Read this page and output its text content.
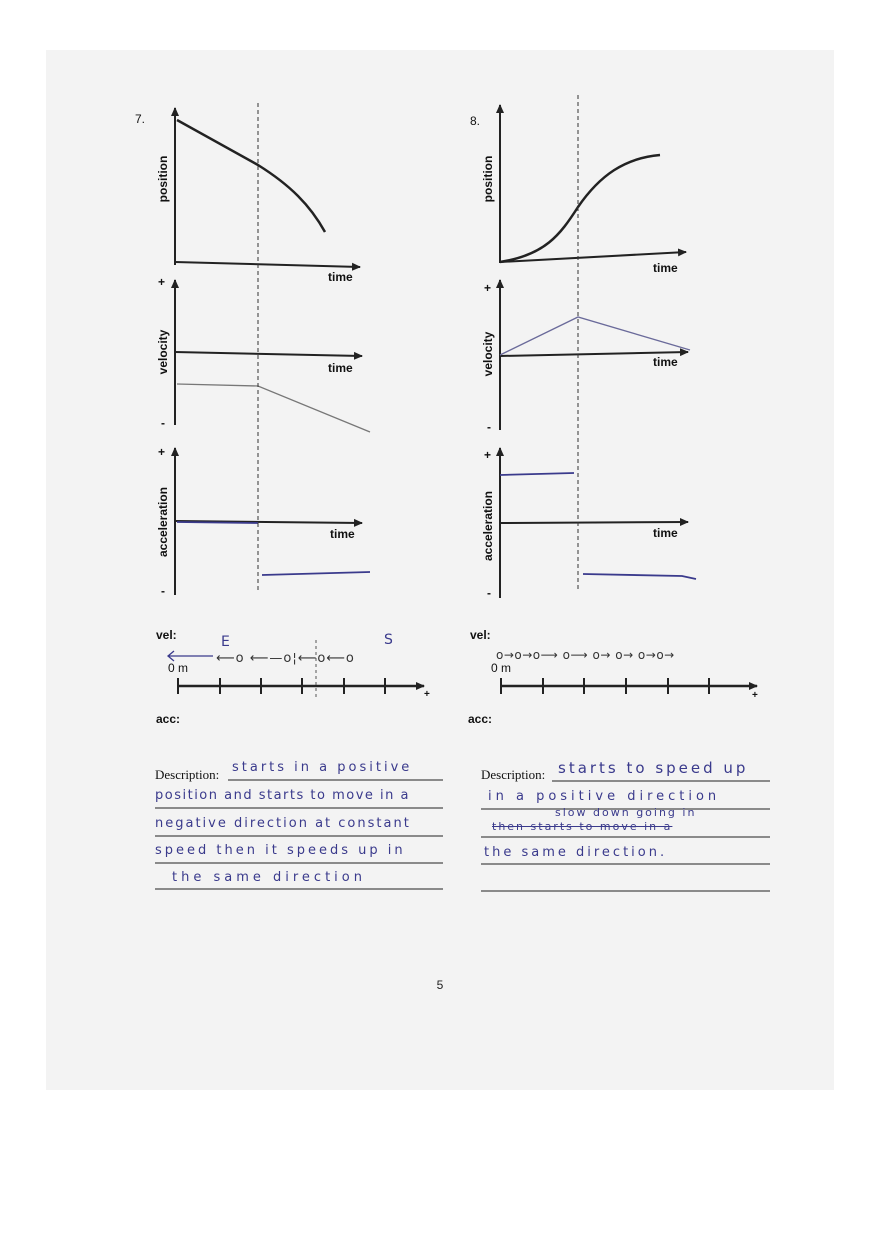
7.
position
time
velocity
+
-
time
acceleration
+
-
time
vel:	E	S
⟵o ⟵—o¦⟵o⟵o
0 m
+
acc:
Description: starts in a positive
position and starts to move in a
negative direction at constant
speed then it speeds up in
the same direction
8.
position
time
velocity
+
-
time
acceleration
+
-
time
vel:
o→o→o⟶ o⟶ o→ o→ o→o→
0 m
+
acc:
Description: starts to speed up
in a positive direction
slow down going in
then starts to move in a
the same direction.
5
